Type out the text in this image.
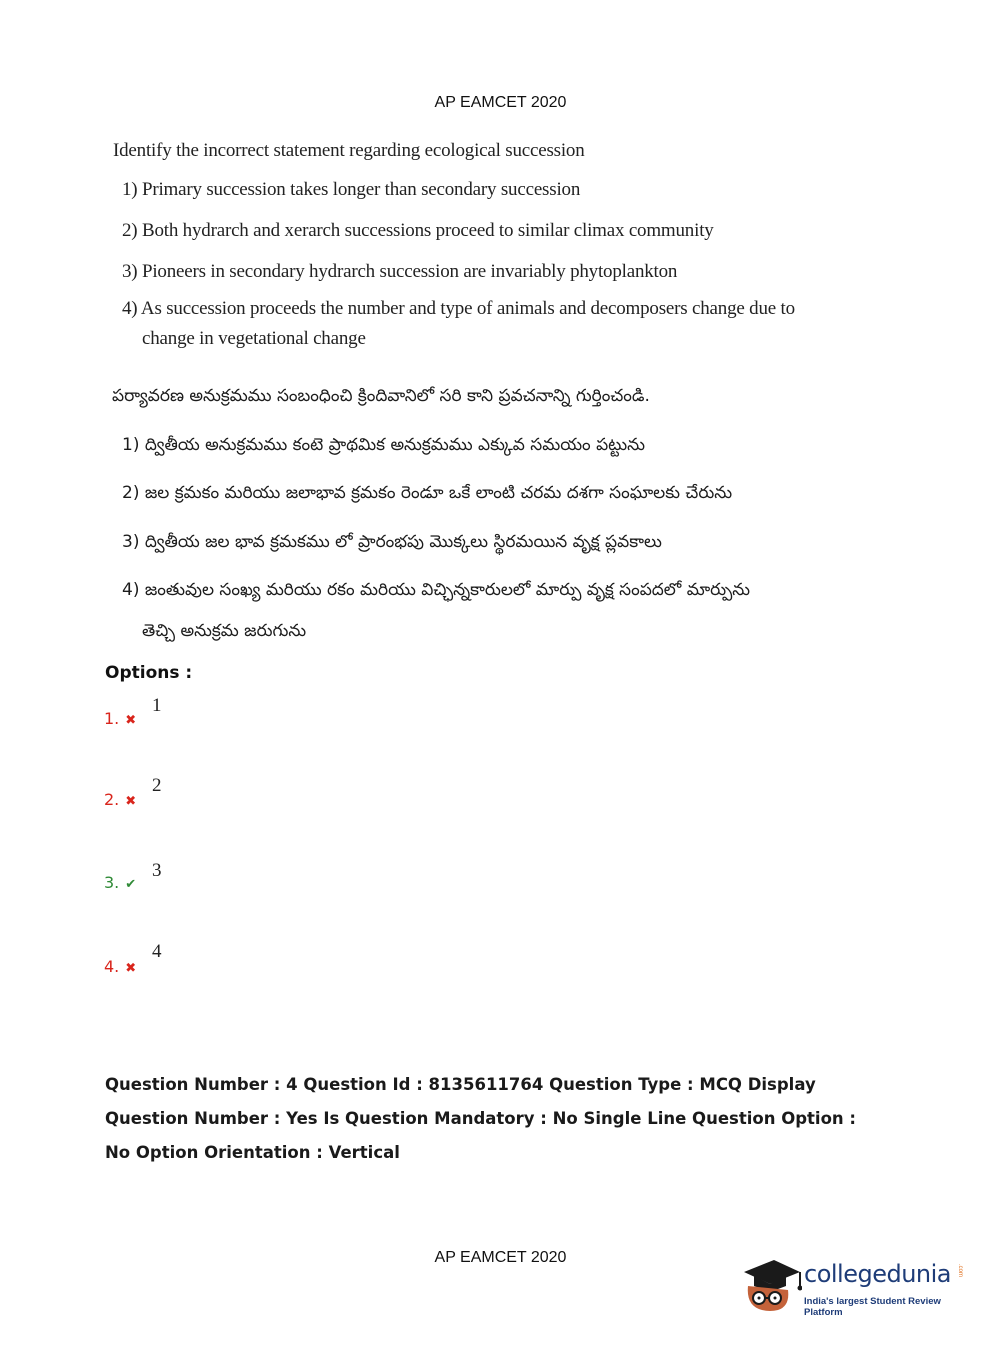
AP EAMCET 2020
Identify the incorrect statement regarding ecological succession
1) Primary succession takes longer than secondary succession
2) Both hydrarch and xerarch successions proceed to similar climax community
3) Pioneers in secondary hydrarch succession are invariably phytoplankton
4) As succession proceeds the number and type of animals and decomposers change due to
change in vegetational change
పర్యావరణ అనుక్రమము సంబంధించి క్రిందివానిలో సరి కాని ప్రవచనాన్ని గుర్తించండి.
1) ద్వితీయ అనుక్రమము కంటె ప్రాథమిక అనుక్రమము ఎక్కువ సమయం పట్టును
2) జల క్రమకం మరియు జలాభావ క్రమకం రెండూ ఒకే లాంటి చరమ దశగా సంఘాలకు చేరును
3) ద్వితీయ జల భావ క్రమకము లో ప్రారంభపు మొక్కలు స్థిరమయిన వృక్ష ప్లవకాలు
4) జంతువుల సంఖ్య మరియు రకం మరియు విచ్ఛిన్నకారులలో మార్పు వృక్ష సంపదలో మార్పును
తెచ్చి అనుక్రమ జరుగును
Options :
1. ✖
1
2. ✖
2
3. ✔
3
4. ✖
4
Question Number : 4 Question Id : 8135611764 Question Type : MCQ Display Question Number : Yes Is Question Mandatory : No Single Line Question Option : No Option Orientation : Vertical
AP EAMCET 2020
collegedunia .com
India's largest Student Review Platform
